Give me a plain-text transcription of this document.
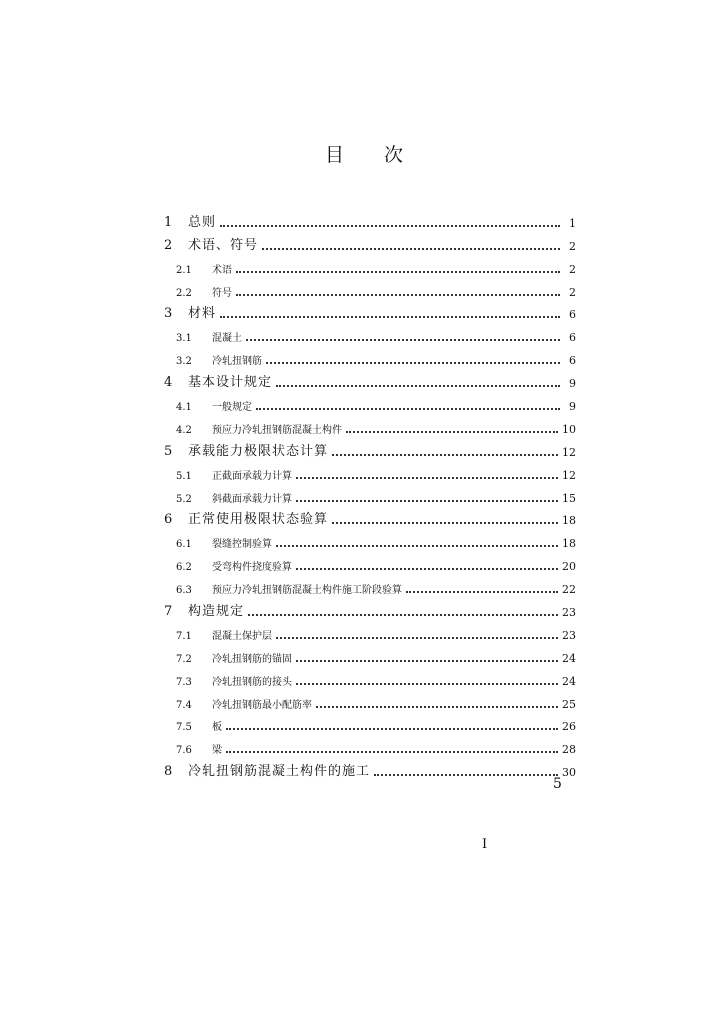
目 次
1	总则	1
2	术语、符号	2
2.1	术语	2
2.2	符号	2
3	材料	6
3.1	混凝土	6
3.2	冷轧扭钢筋	6
4	基本设计规定	9
4.1	一般规定	9
4.2	预应力冷轧扭钢筋混凝土构件	10
5	承载能力极限状态计算	12
5.1	正截面承载力计算	12
5.2	斜截面承载力计算	15
6	正常使用极限状态验算	18
6.1	裂缝控制验算	18
6.2	受弯构件挠度验算	20
6.3	预应力冷轧扭钢筋混凝土构件施工阶段验算	22
7	构造规定	23
7.1	混凝土保护层	23
7.2	冷轧扭钢筋的锚固	24
7.3	冷轧扭钢筋的接头	24
7.4	冷轧扭钢筋最小配筋率	25
7.5	板	26
7.6	梁	28
8	冷轧扭钢筋混凝土构件的施工	30
5
I
